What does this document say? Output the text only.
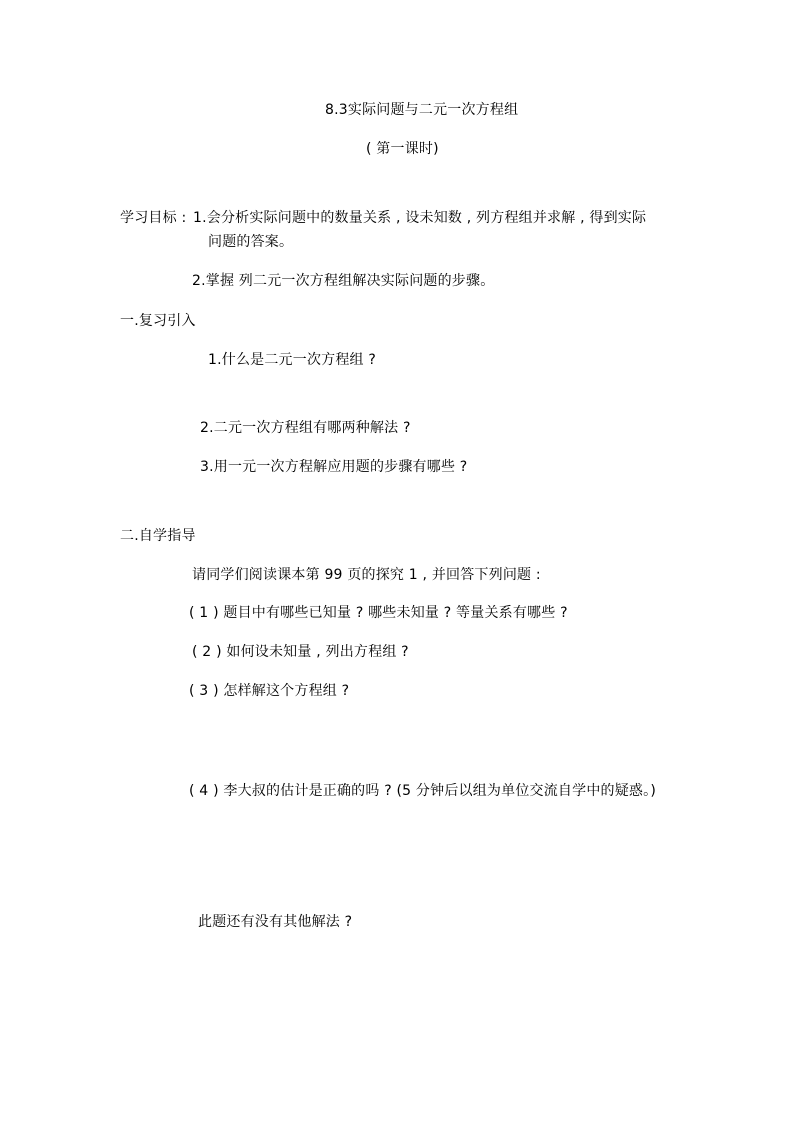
8.3实际问题与二元一次方程组
( 第一课时)
学习目标 : 1.会分析实际问题中的数量关系 , 设未知数 , 列方程组并求解 , 得到实际
问题的答案。
2.掌握 列二元一次方程组解决实际问题的步骤。
一.复习引入
1.什么是二元一次方程组 ?
2.二元一次方程组有哪两种解法 ?
3.用一元一次方程解应用题的步骤有哪些 ?
二.自学指导
请同学们阅读课本第 99 页的探究 1 , 并回答下列问题 :
( 1 ) 题目中有哪些已知量 ? 哪些未知量 ? 等量关系有哪些 ?
( 2 ) 如何设未知量 , 列出方程组 ?
( 3 ) 怎样解这个方程组 ?
( 4 ) 李大叔的估计是正确的吗 ? (5 分钟后以组为单位交流自学中的疑惑。)
此题还有没有其他解法 ?
